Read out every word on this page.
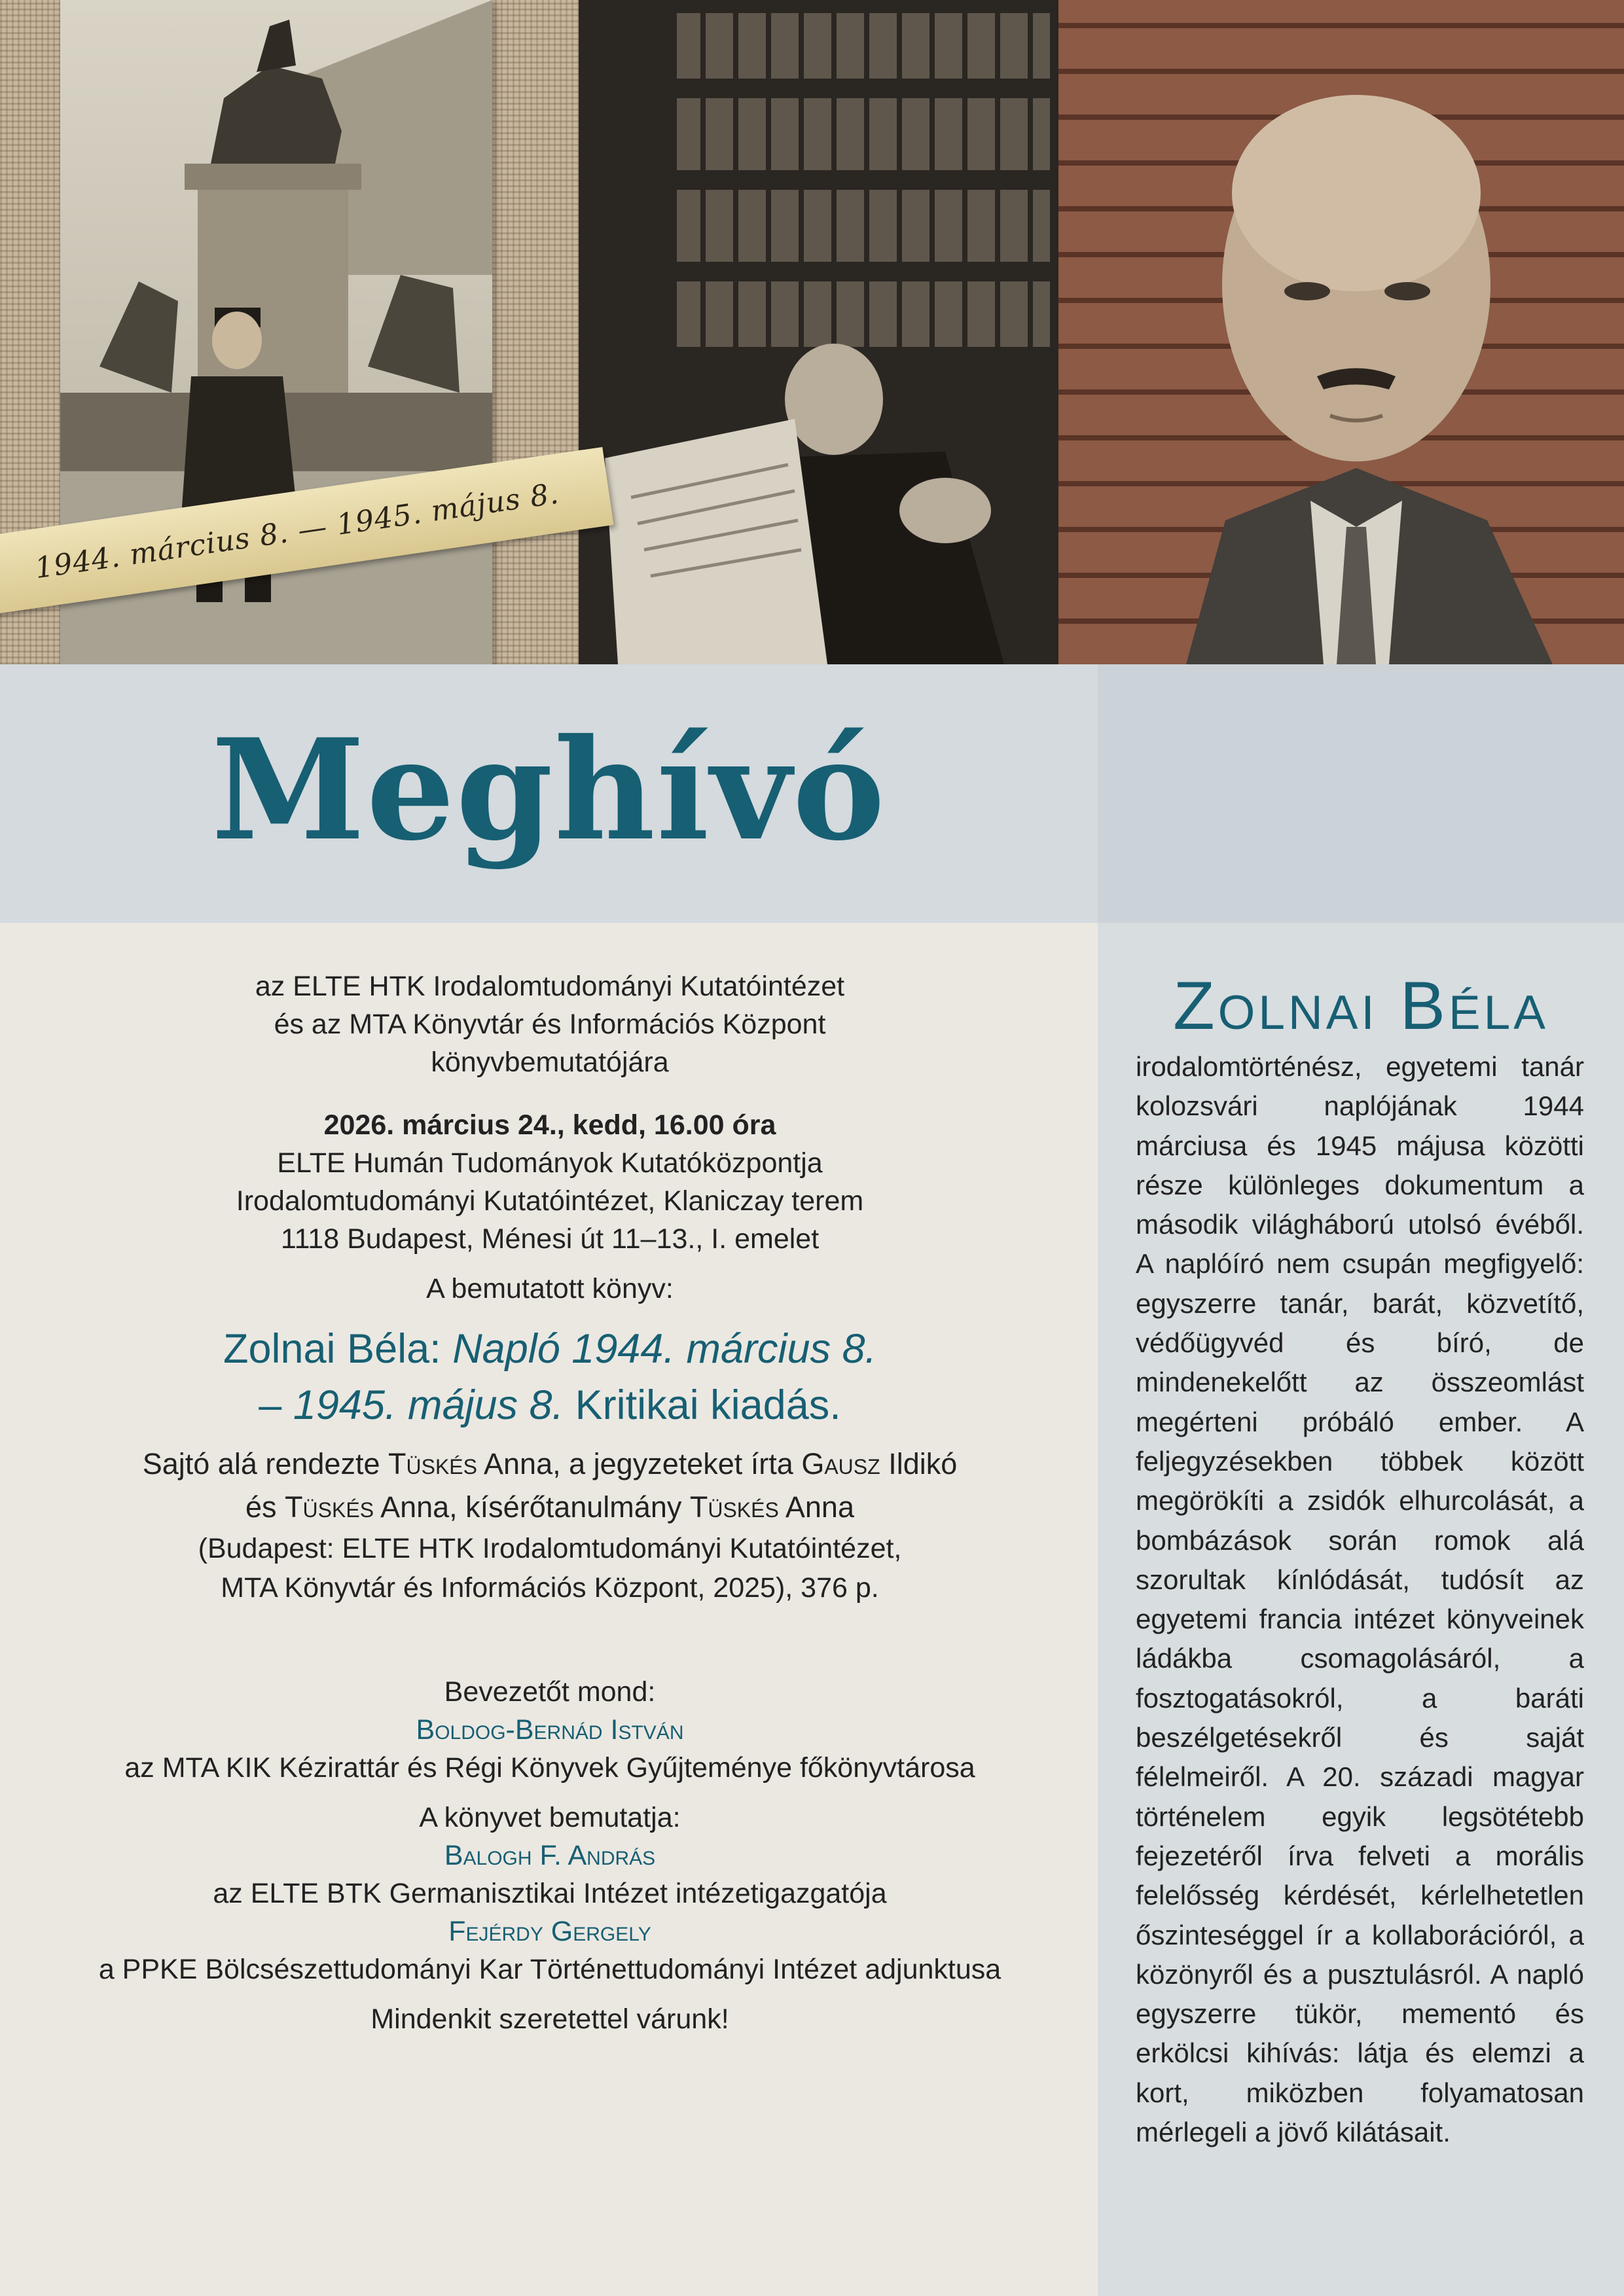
1944. március 8. — 1945. május 8.
Meghívó

az ELTE HTK Irodalomtudományi Kutatóintézet

és az MTA Könyvtár és Információs Központ

könyvbemutatójára

2026. március 24., kedd, 16.00 óra

ELTE Humán Tudományok Kutatóközpontja

Irodalomtudományi Kutatóintézet, Klaniczay terem

1118 Budapest, Ménesi út 11–13., I. emelet

A bemutatott könyv:

Zolnai Béla: Napló 1944. március 8.
– 1945. május 8. Kritikai kiadás.

Sajtó alá rendezte Tüskés Anna, a jegyzeteket írta Gausz Ildikó

és Tüskés Anna, kísérőtanulmány Tüskés Anna

(Budapest: ELTE HTK Irodalomtudományi Kutatóintézet,

MTA Könyvtár és Információs Központ, 2025), 376 p.

Bevezetőt mond:

Boldog-Bernád István

az MTA KIK Kézirattár és Régi Könyvek Gyűjteménye főkönyvtárosa

A könyvet bemutatja:

Balogh F. András

az ELTE BTK Germanisztikai Intézet intézetigazgatója

Fejérdy Gergely

a PPKE Bölcsészettudományi Kar Történettudományi Intézet adjunktusa

Mindenkit szeretettel várunk!

Zolnai Béla
irodalomtörténész, egyetemi tanár kolozsvári naplójának 1944 márciusa és 1945 májusa közötti része különleges dokumentum a második világháború utolsó évéből. A naplóíró nem csupán megfigyelő: egyszerre tanár, barát, közvetítő, védőügyvéd és bíró, de mindenekelőtt az összeomlást megérteni próbáló ember. A feljegyzésekben többek között megörökíti a zsidók elhurcolását, a bombázások során romok alá szorultak kínlódását, tudósít az egyetemi francia intézet könyveinek ládákba csomagolásáról, a fosztogatásokról, a baráti beszélgetésekről és saját félelmeiről. A 20. századi magyar történelem egyik legsötétebb fejezetéről írva felveti a morális felelősség kérdését, kérlelhetetlen őszinteséggel ír a kollaborációról, a közönyről és a pusztulásról. A napló egyszerre tükör, mementó és erkölcsi kihívás: látja és elemzi a kort, miközben folyamatosan mérlegeli a jövő kilátásait.
